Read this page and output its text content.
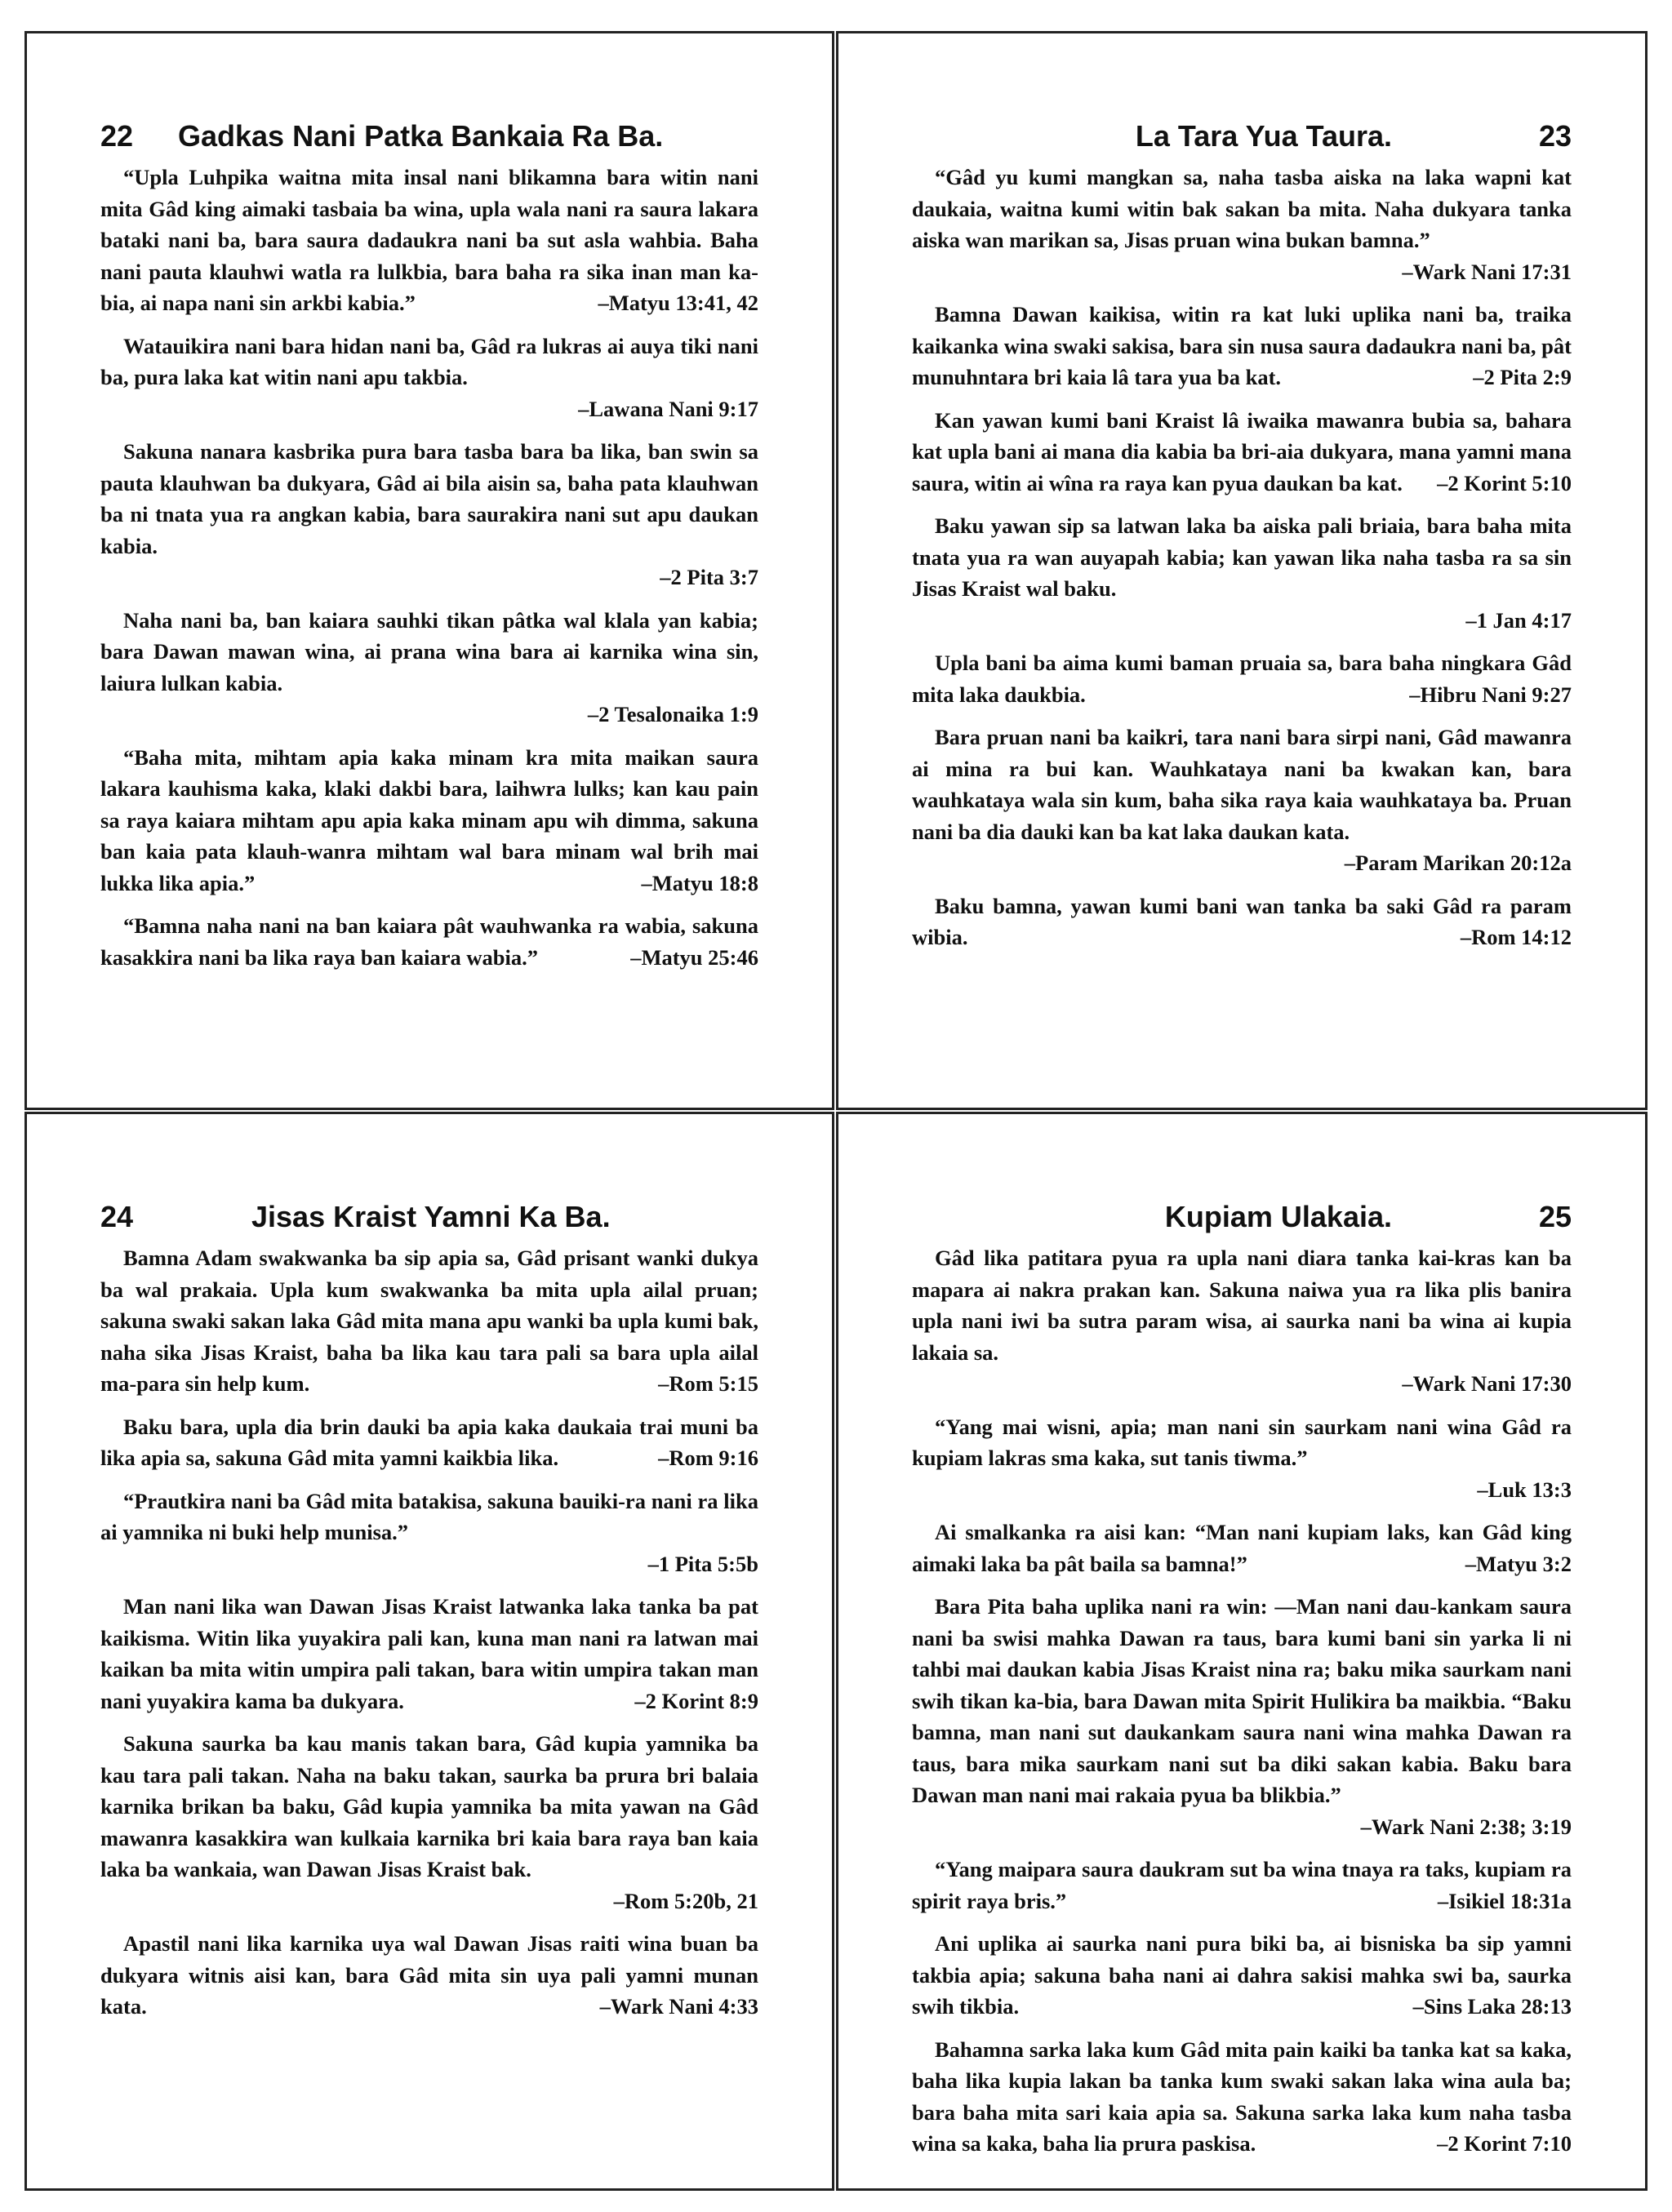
22 Gadkas Nani Patka Bankaia Ra Ba.
“Upla Luhpika waitna mita insal nani blikamna bara witin nani mita Gâd king aimaki tasbaia ba wina, upla wala nani ra saura lakara bataki nani ba, bara saura dadaukra nani ba sut asla wahbia. Baha nani pauta klauhwi watla ra lulkbia, bara baha ra sika inan man ka-bia, ai napa nani sin arkbi kabia.”	–Matyu 13:41, 42
Watauikira nani bara hidan nani ba, Gâd ra lukras ai auya tiki nani ba, pura laka kat witin nani apu takbia.
–Lawana Nani 9:17
Sakuna nanara kasbrika pura bara tasba bara ba lika, ban swin sa pauta klauhwan ba dukyara, Gâd ai bila aisin sa, baha pata klauhwan ba ni tnata yua ra angkan kabia, bara saurakira nani sut apu daukan kabia.
–2 Pita 3:7
Naha nani ba, ban kaiara sauhki tikan pâtka wal klala yan kabia; bara Dawan mawan wina, ai prana wina bara ai karnika wina sin, laiura lulkan kabia.
–2 Tesalonaika 1:9
“Baha mita, mihtam apia kaka minam kra mita maikan saura lakara kauhisma kaka, klaki dakbi bara, laihwra lulks; kan kau pain sa raya kaiara mihtam apu apia kaka minam apu wih dimma, sakuna ban kaia pata klauh-wanra mihtam wal bara minam wal brih mai lukka lika apia.”	–Matyu 18:8
“Bamna naha nani na ban kaiara pât wauhwanka ra wabia, sakuna kasakkira nani ba lika raya ban kaiara wabia.”	–Matyu 25:46
La Tara Yua Taura.	23
“Gâd yu kumi mangkan sa, naha tasba aiska na laka wapni kat daukaia, waitna kumi witin bak sakan ba mita. Naha dukyara tanka aiska wan marikan sa, Jisas pruan wina bukan bamna.”
–Wark Nani 17:31
Bamna Dawan kaikisa, witin ra kat luki uplika nani ba, traika kaikanka wina swaki sakisa, bara sin nusa saura dadaukra nani ba, pât munuhntara bri kaia lâ tara yua ba kat.	–2 Pita 2:9
Kan yawan kumi bani Kraist lâ iwaika mawanra bubia sa, bahara kat upla bani ai mana dia kabia ba bri-aia dukyara, mana yamni mana saura, witin ai wîna ra raya kan pyua daukan ba kat.	–2 Korint 5:10
Baku yawan sip sa latwan laka ba aiska pali briaia, bara baha mita tnata yua ra wan auyapah kabia; kan yawan lika naha tasba ra sa sin Jisas Kraist wal baku.
–1 Jan 4:17
Upla bani ba aima kumi baman pruaia sa, bara baha ningkara Gâd mita laka daukbia.	–Hibru Nani 9:27
Bara pruan nani ba kaikri, tara nani bara sirpi nani, Gâd mawanra ai mina ra bui kan. Wauhkataya nani ba kwakan kan, bara wauhkataya wala sin kum, baha sika raya kaia wauhkataya ba. Pruan nani ba dia dauki kan ba kat laka daukan kata.
–Param Marikan 20:12a
Baku bamna, yawan kumi bani wan tanka ba saki Gâd ra param wibia.	–Rom 14:12
24	Jisas Kraist Yamni Ka Ba.
Bamna Adam swakwanka ba sip apia sa, Gâd prisant wanki dukya ba wal prakaia. Upla kum swakwanka ba mita upla ailal pruan; sakuna swaki sakan laka Gâd mita mana apu wanki ba upla kumi bak, naha sika Jisas Kraist, baha ba lika kau tara pali sa bara upla ailal ma-para sin help kum.	–Rom 5:15
Baku bara, upla dia brin dauki ba apia kaka daukaia trai muni ba lika apia sa, sakuna Gâd mita yamni kaikbia lika.	–Rom 9:16
“Prautkira nani ba Gâd mita batakisa, sakuna bauiki-ra nani ra lika ai yamnika ni buki help munisa.”
–1 Pita 5:5b
Man nani lika wan Dawan Jisas Kraist latwanka laka tanka ba pat kaikisma. Witin lika yuyakira pali kan, kuna man nani ra latwan mai kaikan ba mita witin umpira pali takan, bara witin umpira takan man nani yuyakira kama ba dukyara.	–2 Korint 8:9
Sakuna saurka ba kau manis takan bara, Gâd kupia yamnika ba kau tara pali takan. Naha na baku takan, saurka ba prura bri balaia karnika brikan ba baku, Gâd kupia yamnika ba mita yawan na Gâd mawanra kasakkira wan kulkaia karnika bri kaia bara raya ban kaia laka ba wankaia, wan Dawan Jisas Kraist bak.
–Rom 5:20b, 21
Apastil nani lika karnika uya wal Dawan Jisas raiti wina buan ba dukyara witnis aisi kan, bara Gâd mita sin uya pali yamni munan kata.	–Wark Nani 4:33
Kupiam Ulakaia.	25
Gâd lika patitara pyua ra upla nani diara tanka kai-kras kan ba mapara ai nakra prakan kan. Sakuna naiwa yua ra lika plis banira upla nani iwi ba sutra param wisa, ai saurka nani ba wina ai kupia lakaia sa.
–Wark Nani 17:30
“Yang mai wisni, apia; man nani sin saurkam nani wina Gâd ra kupiam lakras sma kaka, sut tanis tiwma.”
–Luk 13:3
Ai smalkanka ra aisi kan: “Man nani kupiam laks, kan Gâd king aimaki laka ba pât baila sa bamna!”	–Matyu 3:2
Bara Pita baha uplika nani ra win: —Man nani dau-kankam saura nani ba swisi mahka Dawan ra taus, bara kumi bani sin yarka li ni tahbi mai daukan kabia Jisas Kraist nina ra; baku mika saurkam nani swih tikan ka-bia, bara Dawan mita Spirit Hulikira ba maikbia. “Baku bamna, man nani sut daukankam saura nani wina mahka Dawan ra taus, bara mika saurkam nani sut ba diki sakan kabia. Baku bara Dawan man nani mai rakaia pyua ba blikbia.”
–Wark Nani 2:38; 3:19
“Yang maipara saura daukram sut ba wina tnaya ra taks, kupiam ra spirit raya bris.”	–Isikiel 18:31a
Ani uplika ai saurka nani pura biki ba, ai bisniska ba sip yamni takbia apia; sakuna baha nani ai dahra sakisi mahka swi ba, saurka swih tikbia.	–Sins Laka 28:13
Bahamna sarka laka kum Gâd mita pain kaiki ba tanka kat sa kaka, baha lika kupia lakan ba tanka kum swaki sakan laka wina aula ba; bara baha mita sari kaia apia sa. Sakuna sarka laka kum naha tasba wina sa kaka, baha lia prura paskisa.	–2 Korint 7:10
